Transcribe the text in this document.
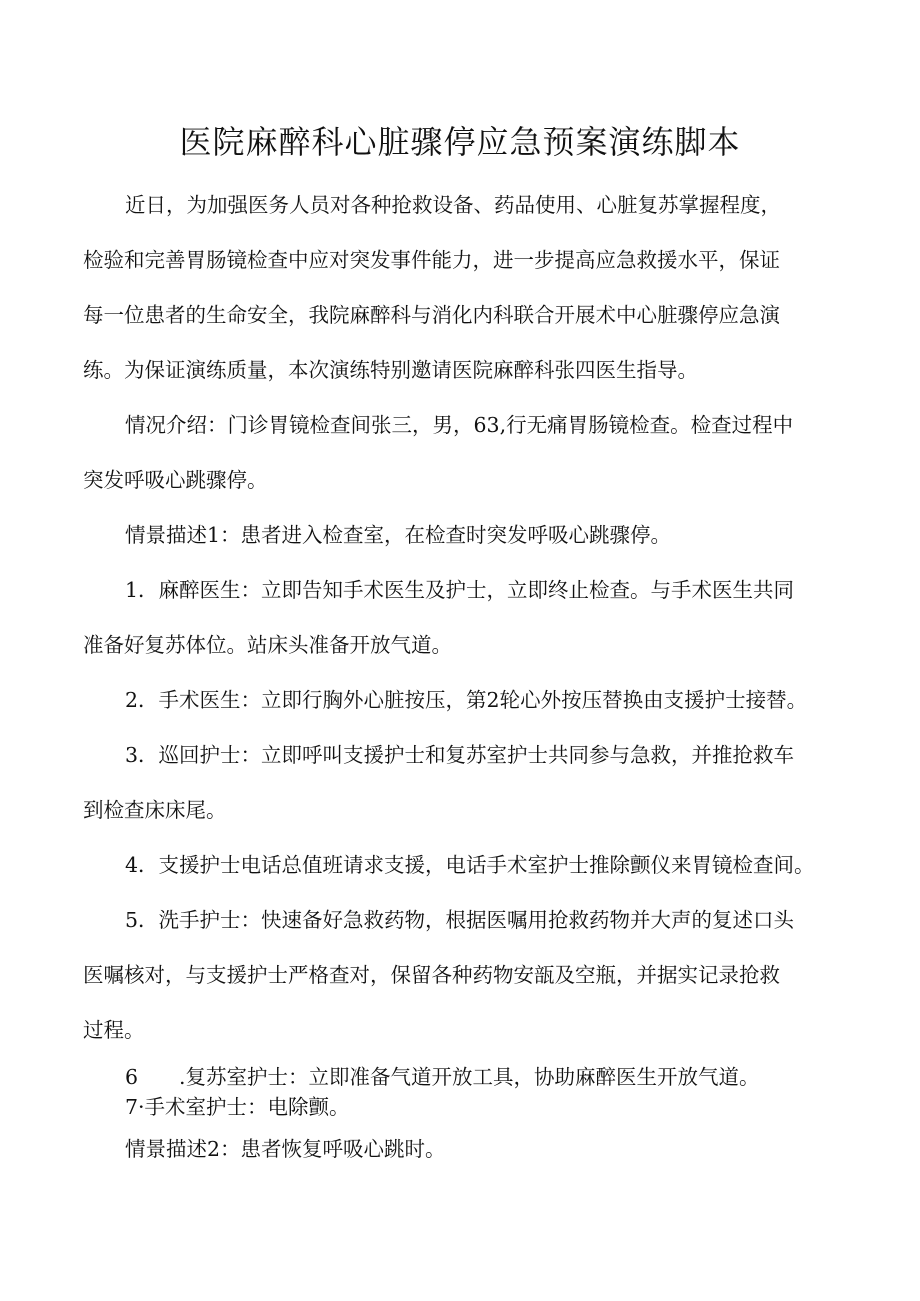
医院麻醉科心脏骤停应急预案演练脚本
近日，为加强医务人员对各种抢救设备、药品使用、心脏复苏掌握程度，
检验和完善胃肠镜检查中应对突发事件能力，进一步提高应急救援水平，保证
每一位患者的生命安全，我院麻醉科与消化内科联合开展术中心脏骤停应急演
练。为保证演练质量，本次演练特别邀请医院麻醉科张四医生指导。
情况介绍：门诊胃镜检查间张三，男，63,行无痛胃肠镜检查。检查过程中
突发呼吸心跳骤停。
情景描述1：患者进入检查室，在检查时突发呼吸心跳骤停。
1．麻醉医生：立即告知手术医生及护士，立即终止检查。与手术医生共同
准备好复苏体位。站床头准备开放气道。
2．手术医生：立即行胸外心脏按压，第2轮心外按压替换由支援护士接替。
3．巡回护士：立即呼叫支援护士和复苏室护士共同参与急救，并推抢救车
到检查床床尾。
4．支援护士电话总值班请求支援，电话手术室护士推除颤仪来胃镜检查间。
5．洗手护士：快速备好急救药物，根据医嘱用抢救药物并大声的复述口头
医嘱核对，与支援护士严格查对，保留各种药物安瓿及空瓶，并据实记录抢救
过程。
6　　.复苏室护士：立即准备气道开放工具，协助麻醉医生开放气道。
7·手术室护士：电除颤。
情景描述2：患者恢复呼吸心跳时。
